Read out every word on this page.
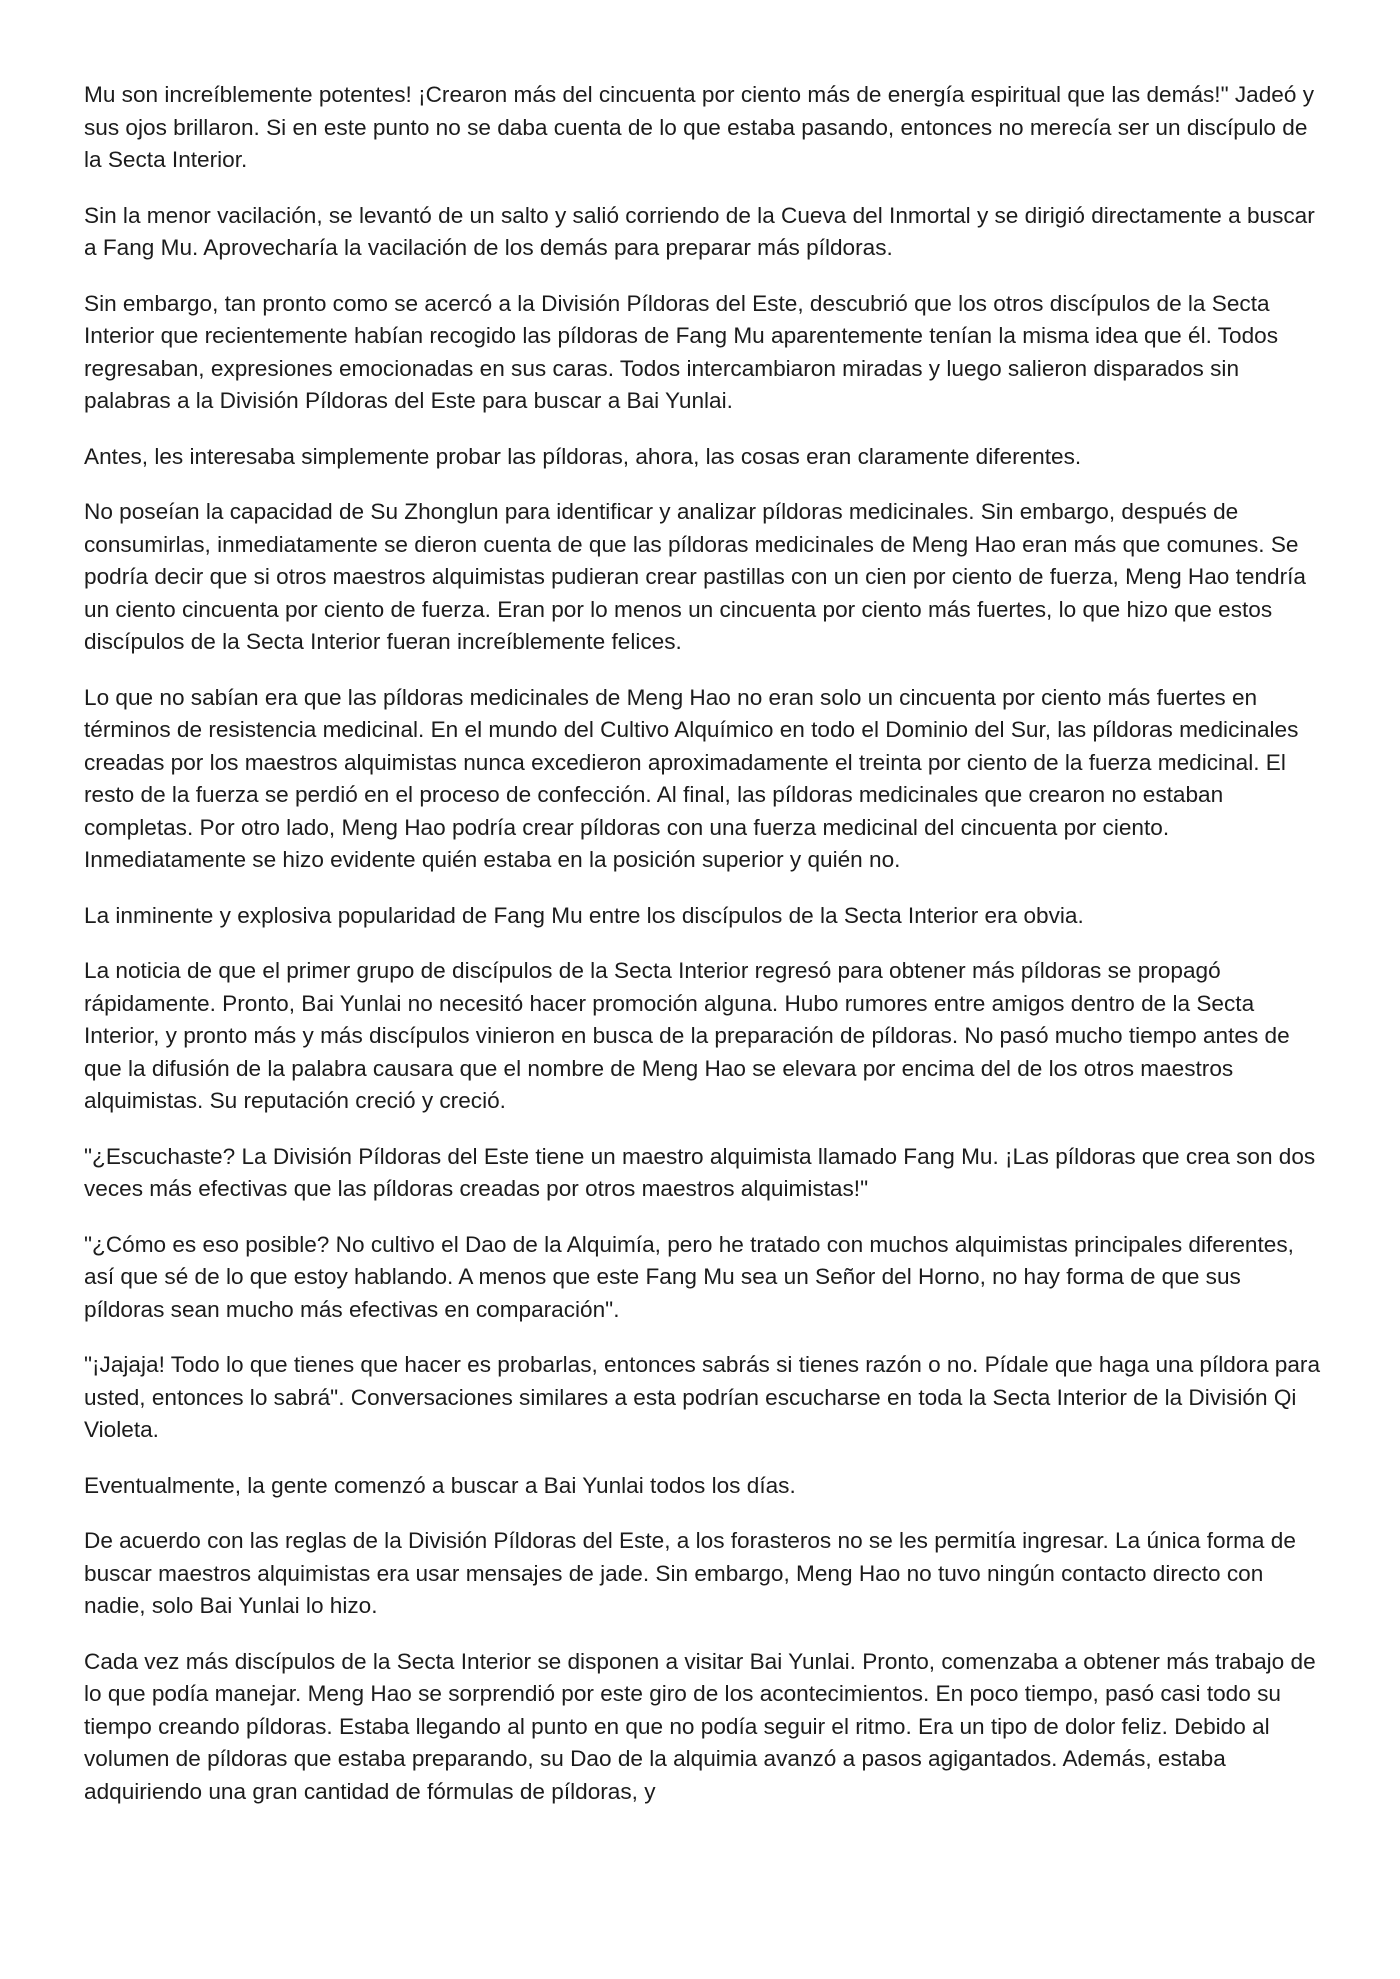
Mu son increíblemente potentes! ¡Crearon más del cincuenta por ciento más de energía espiritual que las demás!" Jadeó y sus ojos brillaron. Si en este punto no se daba cuenta de lo que estaba pasando, entonces no merecía ser un discípulo de la Secta Interior.

Sin la menor vacilación, se levantó de un salto y salió corriendo de la Cueva del Inmortal y se dirigió directamente a buscar a Fang Mu. Aprovecharía la vacilación de los demás para preparar más píldoras.

Sin embargo, tan pronto como se acercó a la División Píldoras del Este, descubrió que los otros discípulos de la Secta Interior que recientemente habían recogido las píldoras de Fang Mu aparentemente tenían la misma idea que él. Todos regresaban, expresiones emocionadas en sus caras. Todos intercambiaron miradas y luego salieron disparados sin palabras a la División Píldoras del Este para buscar a Bai Yunlai.

Antes, les interesaba simplemente probar las píldoras, ahora, las cosas eran claramente diferentes.

No poseían la capacidad de Su Zhonglun para identificar y analizar píldoras medicinales. Sin embargo, después de consumirlas, inmediatamente se dieron cuenta de que las píldoras medicinales de Meng Hao eran más que comunes. Se podría decir que si otros maestros alquimistas pudieran crear pastillas con un cien por ciento de fuerza, Meng Hao tendría un ciento cincuenta por ciento de fuerza. Eran por lo menos un cincuenta por ciento más fuertes, lo que hizo que estos discípulos de la Secta Interior fueran increíblemente felices.

Lo que no sabían era que las píldoras medicinales de Meng Hao no eran solo un cincuenta por ciento más fuertes en términos de resistencia medicinal. En el mundo del Cultivo Alquímico en todo el Dominio del Sur, las píldoras medicinales creadas por los maestros alquimistas nunca excedieron aproximadamente el treinta por ciento de la fuerza medicinal. El resto de la fuerza se perdió en el proceso de confección. Al final, las píldoras medicinales que crearon no estaban completas. Por otro lado, Meng Hao podría crear píldoras con una fuerza medicinal del cincuenta por ciento. Inmediatamente se hizo evidente quién estaba en la posición superior y quién no.

La inminente y explosiva popularidad de Fang Mu entre los discípulos de la Secta Interior era obvia.

La noticia de que el primer grupo de discípulos de la Secta Interior regresó para obtener más píldoras se propagó rápidamente. Pronto, Bai Yunlai no necesitó hacer promoción alguna. Hubo rumores entre amigos dentro de la Secta Interior, y pronto más y más discípulos vinieron en busca de la preparación de píldoras. No pasó mucho tiempo antes de que la difusión de la palabra causara que el nombre de Meng Hao se elevara por encima del de los otros maestros alquimistas. Su reputación creció y creció.

"¿Escuchaste? La División Píldoras del Este tiene un maestro alquimista llamado Fang Mu. ¡Las píldoras que crea son dos veces más efectivas que las píldoras creadas por otros maestros alquimistas!"

"¿Cómo es eso posible? No cultivo el Dao de la Alquimía, pero he tratado con muchos alquimistas principales diferentes, así que sé de lo que estoy hablando. A menos que este Fang Mu sea un Señor del Horno, no hay forma de que sus píldoras sean mucho más efectivas en comparación".

"¡Jajaja! Todo lo que tienes que hacer es probarlas, entonces sabrás si tienes razón o no. Pídale que haga una píldora para usted, entonces lo sabrá". Conversaciones similares a esta podrían escucharse en toda la Secta Interior de la División Qi Violeta.

Eventualmente, la gente comenzó a buscar a Bai Yunlai todos los días.

De acuerdo con las reglas de la División Píldoras del Este, a los forasteros no se les permitía ingresar. La única forma de buscar maestros alquimistas era usar mensajes de jade. Sin embargo, Meng Hao no tuvo ningún contacto directo con nadie, solo Bai Yunlai lo hizo.

Cada vez más discípulos de la Secta Interior se disponen a visitar Bai Yunlai. Pronto, comenzaba a obtener más trabajo de lo que podía manejar. Meng Hao se sorprendió por este giro de los acontecimientos. En poco tiempo, pasó casi todo su tiempo creando píldoras. Estaba llegando al punto en que no podía seguir el ritmo. Era un tipo de dolor feliz. Debido al volumen de píldoras que estaba preparando, su Dao de la alquimia avanzó a pasos agigantados. Además, estaba adquiriendo una gran cantidad de fórmulas de píldoras, y
